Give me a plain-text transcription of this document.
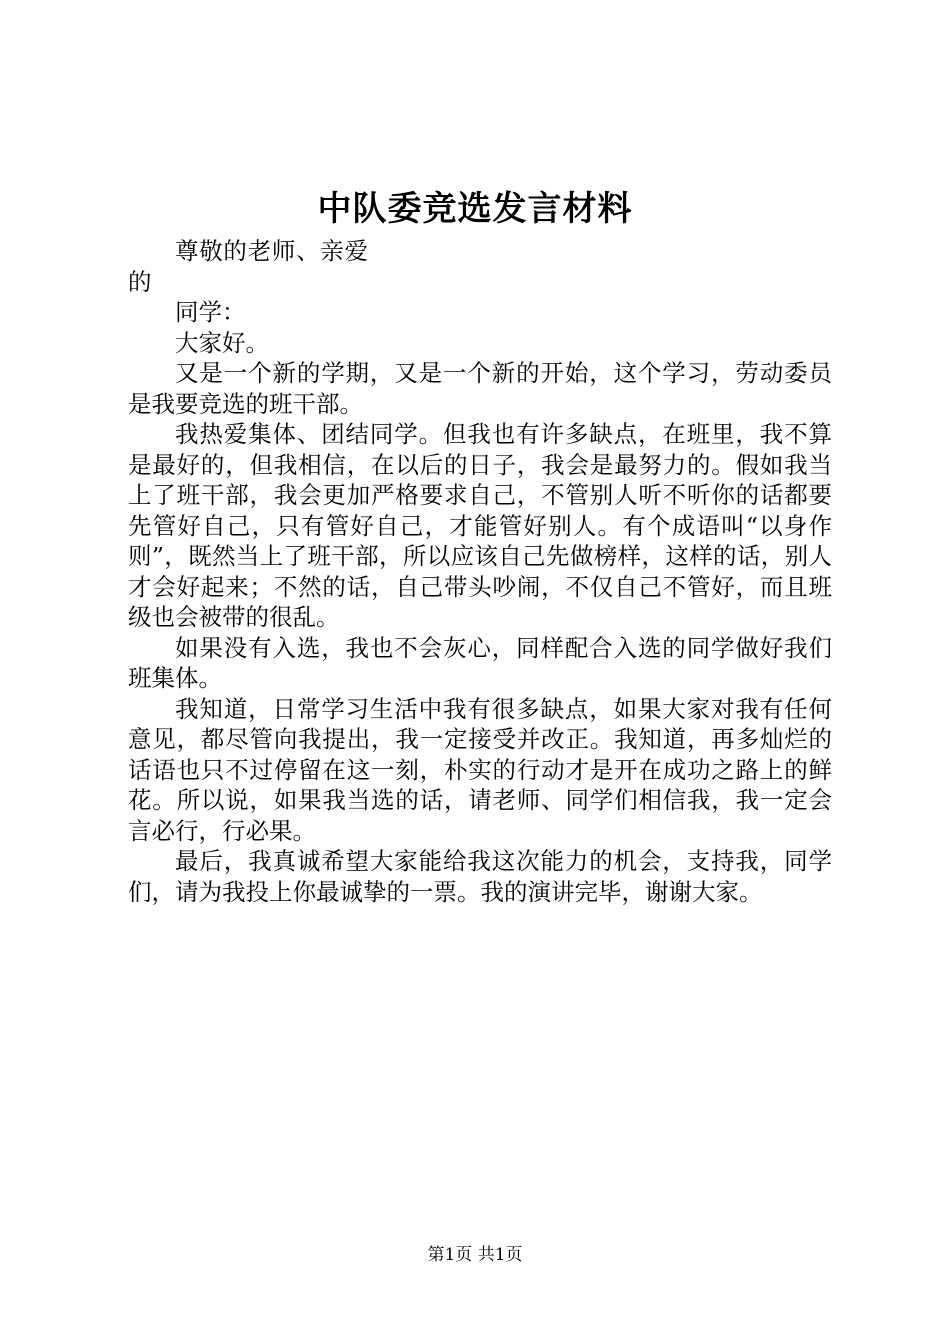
中队委竞选发言材料

尊敬的老师、亲爱的

同学：

大家好。

又是一个新的学期，又是一个新的开始，这个学习，劳动委员是我要竞选的班干部。

我热爱集体、团结同学。但我也有许多缺点，在班里，我不算是最好的，但我相信，在以后的日子，我会是最努力的。假如我当上了班干部，我会更加严格要求自己，不管别人听不听你的话都要先管好自己，只有管好自己，才能管好别人。有个成语叫“以身作则”，既然当上了班干部，所以应该自己先做榜样，这样的话，别人才会好起来；不然的话，自己带头吵闹，不仅自己不管好，而且班级也会被带的很乱。

如果没有入选，我也不会灰心，同样配合入选的同学做好我们班集体。

我知道，日常学习生活中我有很多缺点，如果大家对我有任何意见，都尽管向我提出，我一定接受并改正。我知道，再多灿烂的话语也只不过停留在这一刻，朴实的行动才是开在成功之路上的鲜花。所以说，如果我当选的话，请老师、同学们相信我，我一定会言必行，行必果。

最后，我真诚希望大家能给我这次能力的机会，支持我，同学们，请为我投上你最诚挚的一票。我的演讲完毕，谢谢大家。

第1页 共1页
